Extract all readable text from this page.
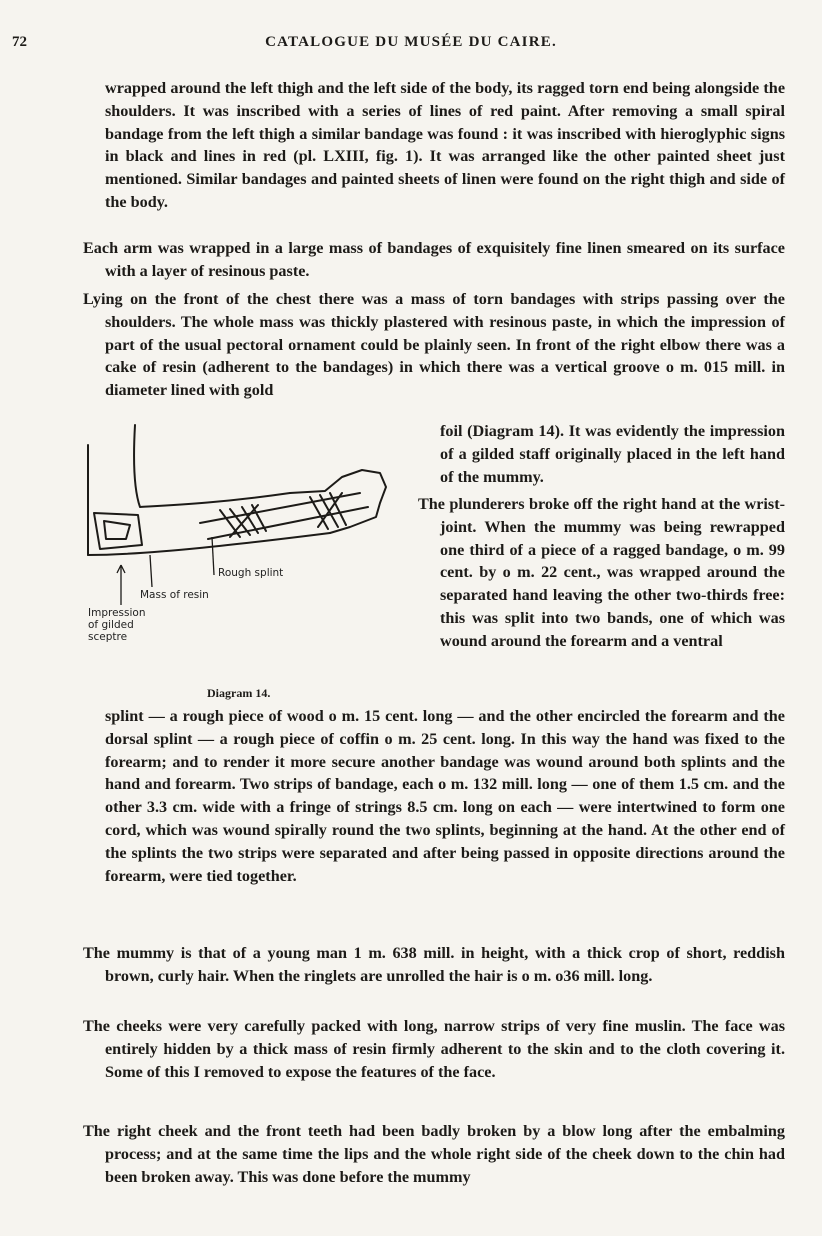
72	CATALOGUE DU MUSÉE DU CAIRE.

wrapped around the left thigh and the left side of the body, its ragged torn end being alongside the shoulders. It was inscribed with a series of lines of red paint. After removing a small spiral bandage from the left thigh a similar bandage was found : it was inscribed with hieroglyphic signs in black and lines in red (pl. LXIII, fig. 1). It was arranged like the other painted sheet just mentioned. Similar bandages and painted sheets of linen were found on the right thigh and side of the body.

Each arm was wrapped in a large mass of bandages of exquisitely fine linen smeared on its surface with a layer of resinous paste.

Lying on the front of the chest there was a mass of torn bandages with strips passing over the shoulders. The whole mass was thickly plastered with resinous paste, in which the impression of part of the usual pectoral ornament could be plainly seen. In front of the right elbow there was a cake of resin (adherent to the bandages) in which there was a vertical groove o m. 015 mill. in diameter lined with gold

foil (Diagram 14). It was evidently the impression of a gilded staff originally placed in the left hand of the mummy.

The plunderers broke off the right hand at the wrist-joint. When the mummy was being rewrapped one third of a piece of a ragged bandage, o m. 99 cent. by o m. 22 cent., was wrapped around the separated hand leaving the other two-thirds free: this was split into two bands, one of which was wound around the forearm and a ventral

splint — a rough piece of wood o m. 15 cent. long — and the other encircled the forearm and the dorsal splint — a rough piece of coffin o m. 25 cent. long. In this way the hand was fixed to the forearm; and to render it more secure another bandage was wound around both splints and the hand and forearm. Two strips of bandage, each o m. 132 mill. long — one of them 1.5 cm. and the other 3.3 cm. wide with a fringe of strings 8.5 cm. long on each — were intertwined to form one cord, which was wound spirally round the two splints, beginning at the hand. At the other end of the splints the two strips were separated and after being passed in opposite directions around the forearm, were tied together.

The mummy is that of a young man 1 m. 638 mill. in height, with a thick crop of short, reddish brown, curly hair. When the ringlets are unrolled the hair is o m. o36 mill. long.

The cheeks were very carefully packed with long, narrow strips of very fine muslin. The face was entirely hidden by a thick mass of resin firmly adherent to the skin and to the cloth covering it. Some of this I removed to expose the features of the face.

The right cheek and the front teeth had been badly broken by a blow long after the embalming process; and at the same time the lips and the whole right side of the cheek down to the chin had been broken away. This was done before the mummy

Rough splint
Mass of resin
Impression of gilded sceptre
Diagram 14.
